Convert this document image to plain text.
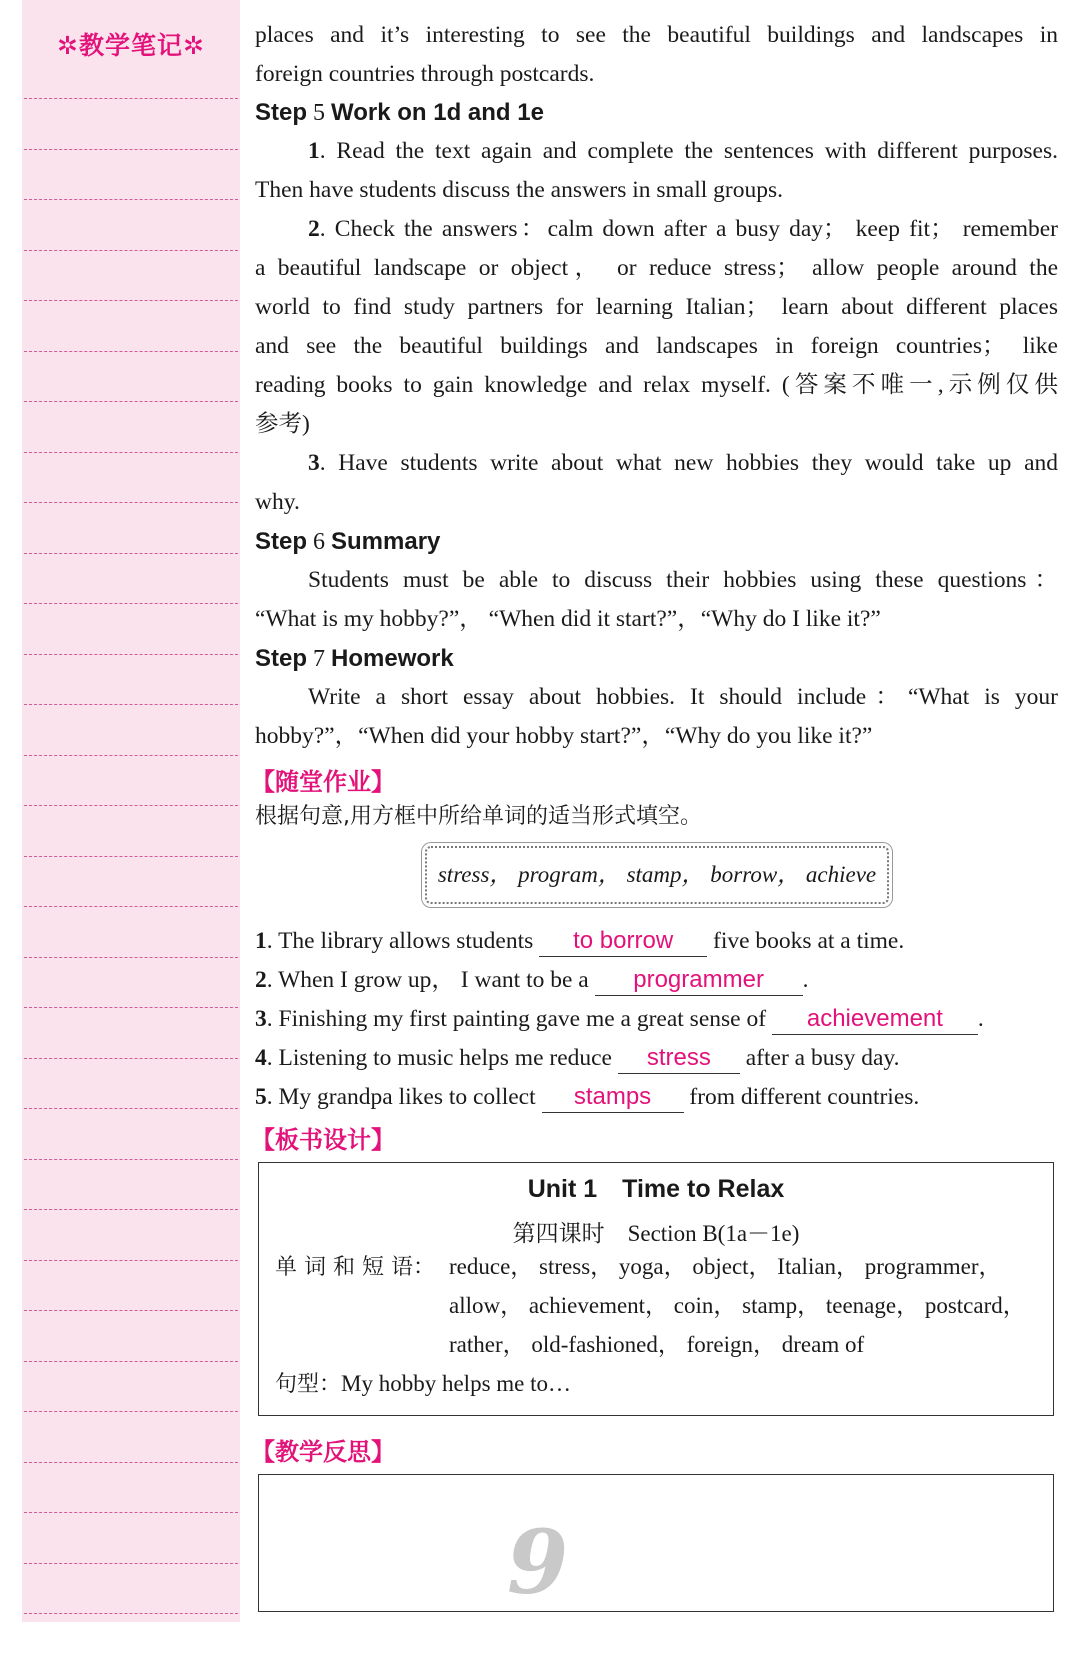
✲教学笔记✲	places and it’s interesting to see the beautiful buildings and landscapes in

foreign countries through postcards.

Step 5 Work on 1d and 1e

1. Read the text again and complete the sentences with different purposes.

Then have students discuss the answers in small groups.

2. Check the answers：calm down after a busy day； keep fit； remember

a beautiful landscape or object， or reduce stress； allow people around the

world to find study partners for learning Italian； learn about different places

and see the beautiful buildings and landscapes in foreign countries； like

reading books to gain knowledge and relax myself. (答案不唯一,示例仅供

参考)

3. Have students write about what new hobbies they would take up and

why.

Step 6 Summary

Students must be able to discuss their hobbies using these questions：

“What is my hobby?”， “When did it start?”，“Why do I like it?”

Step 7 Homework

Write a short essay about hobbies. It should include：“What is your

hobby?”，“When did your hobby start?”，“Why do you like it?”

【随堂作业】
根据句意,用方框中所给单词的适当形式填空。
stress， program， stamp， borrow， achieve
1. The library allows students to borrow five books at a time.
2. When I grow up， I want to be a programmer .
3. Finishing my first painting gave me a great sense of achievement .
4. Listening to music helps me reduce stress after a busy day.
5. My grandpa likes to collect stamps from different countries.
【板书设计】
Unit 1  Time to Relax
第四课时　Section B(1a－1e)
单 词 和 短 语： reduce， stress， yoga， object， Italian， programmer，
allow， achievement， coin， stamp， teenage， postcard，
rather， old-fashioned， foreign， dream of
句型：My hobby helps me to…
【教学反思】
9
